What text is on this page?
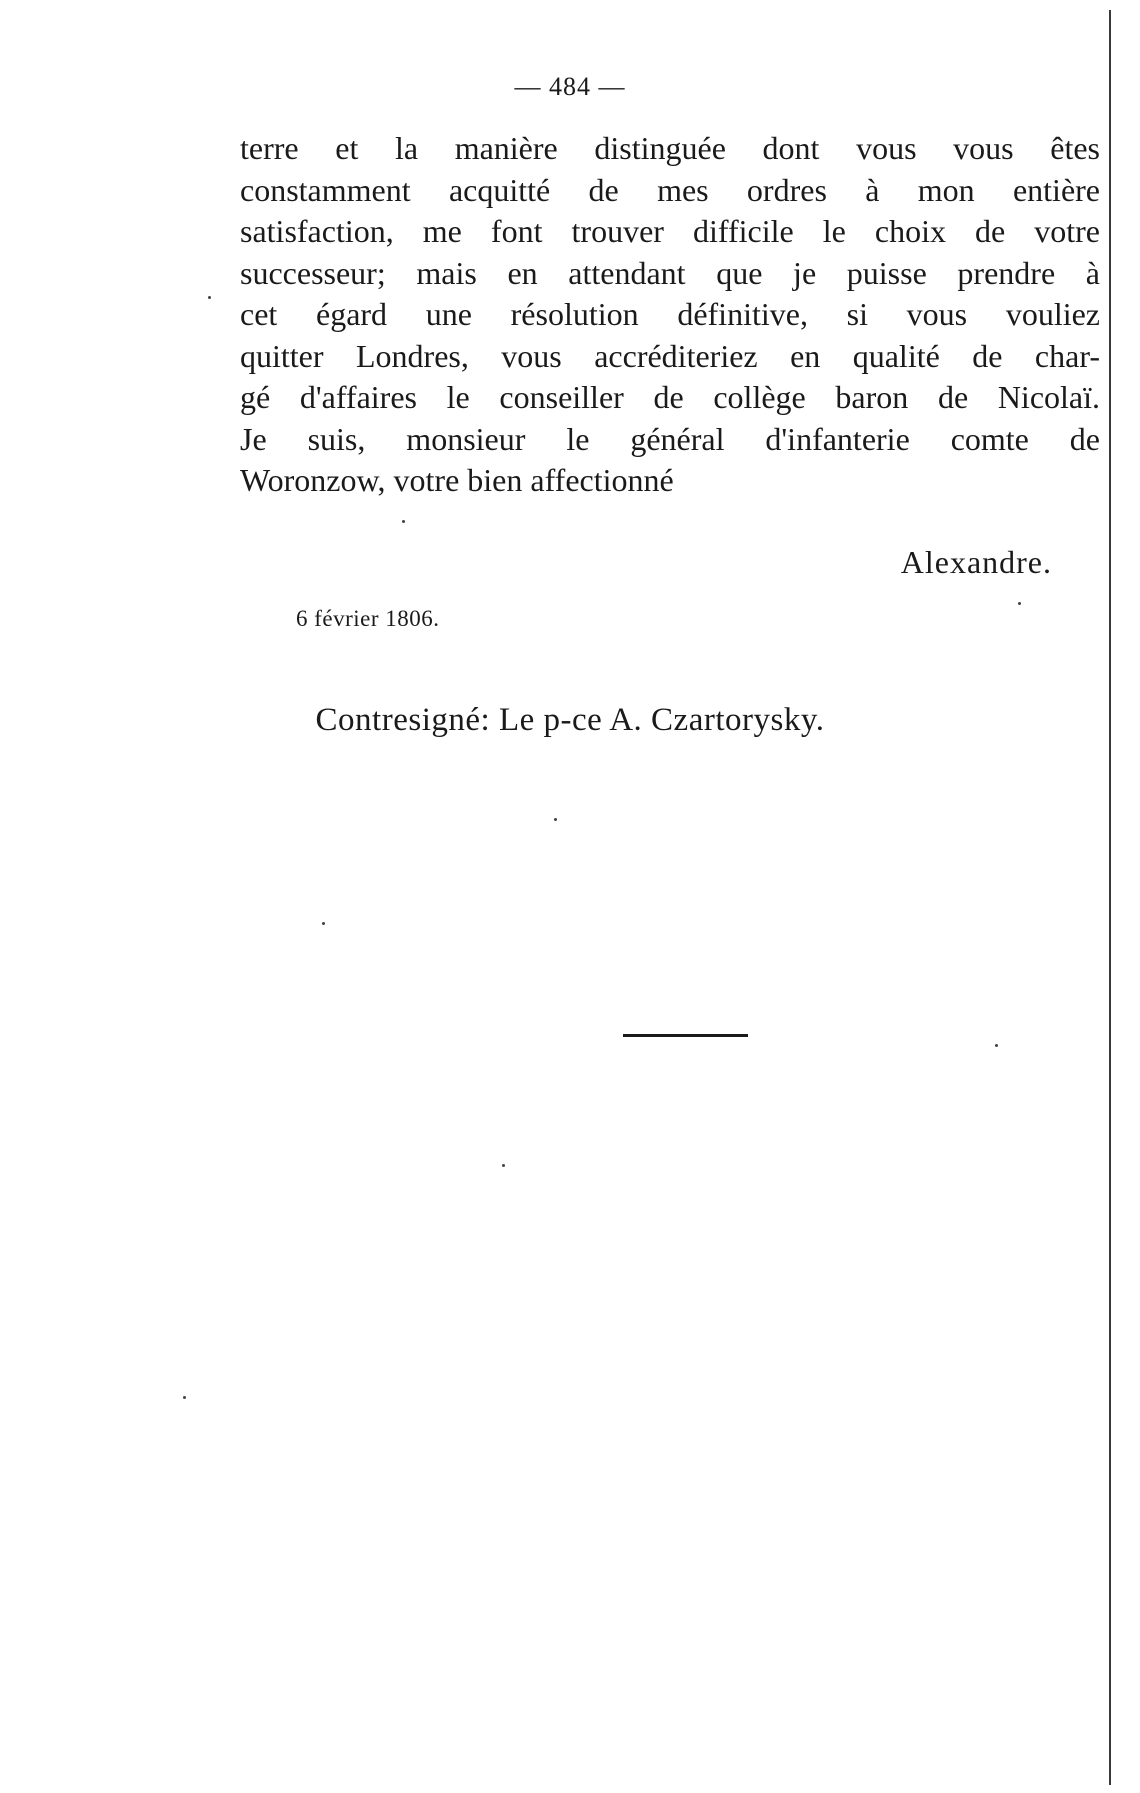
— 484 —
terre et la manière distinguée dont vous vous êtes
constamment acquitté de mes ordres à mon entière
satisfaction, me font trouver difficile le choix de votre
successeur; mais en attendant que je puisse prendre à
cet égard une résolution définitive, si vous vouliez
quitter Londres, vous accréditeriez en qualité de char-
gé d'affaires le conseiller de collège baron de Nicolaï.
Je suis, monsieur le général d'infanterie comte de
Woronzow, votre bien affectionné
Alexandre.
6 février 1806.
Contresigné: Le p-ce A. Czartorysky.
